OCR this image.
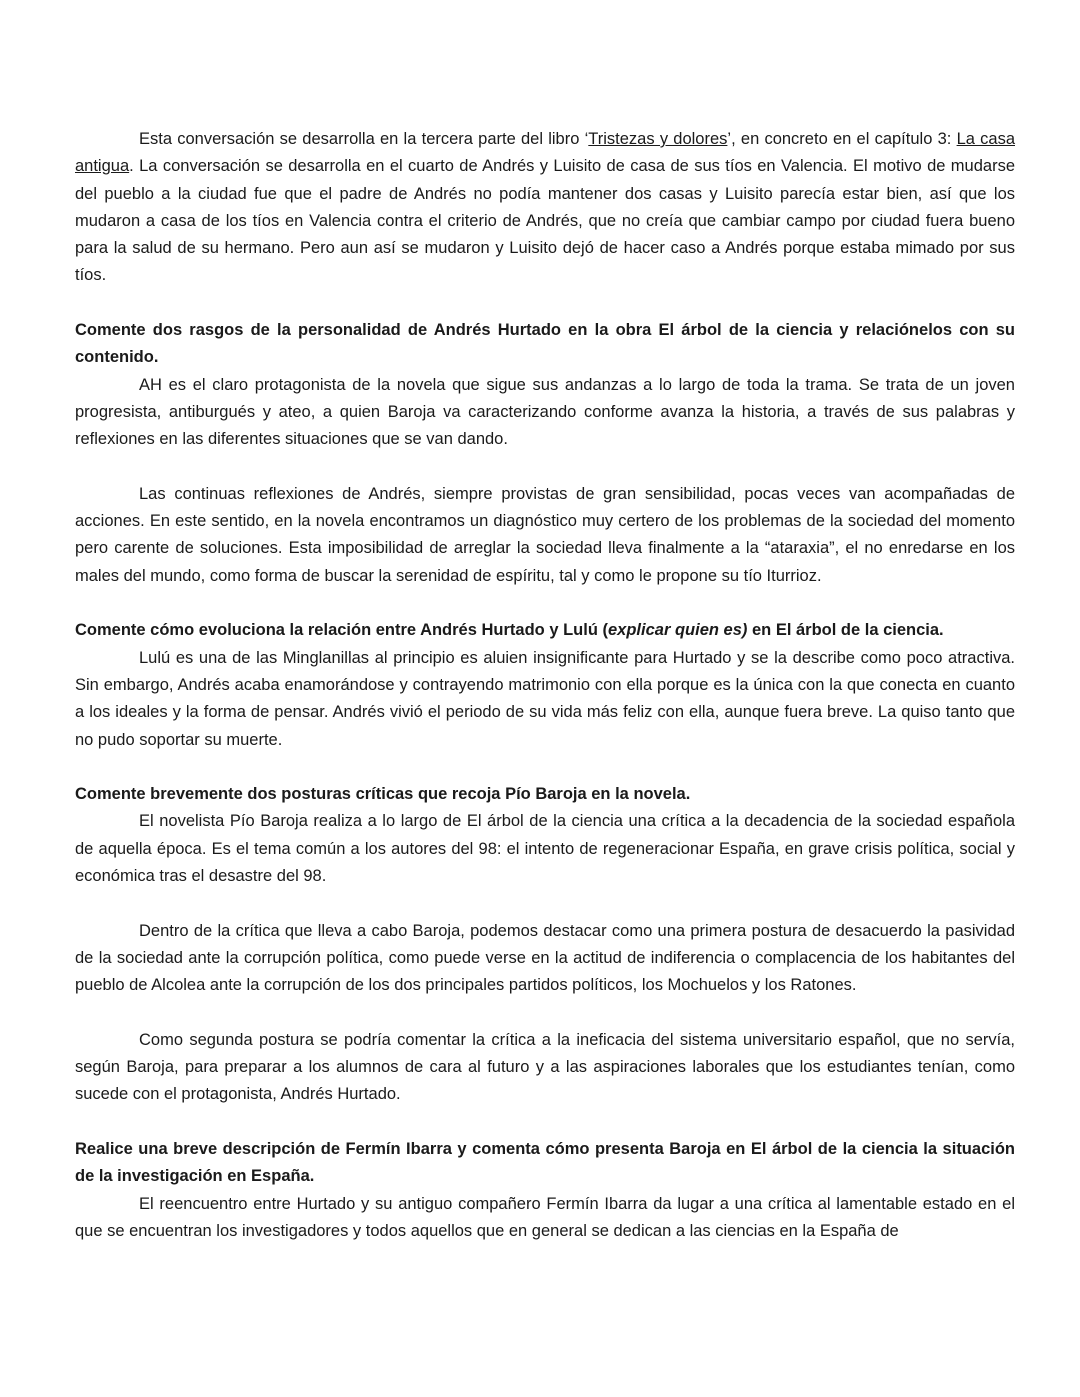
Esta conversación se desarrolla en la tercera parte del libro ‘Tristezas y dolores’, en concreto en el capítulo 3: La casa antigua. La conversación se desarrolla en el cuarto de Andrés y Luisito de casa de sus tíos en Valencia. El motivo de mudarse del pueblo a la ciudad fue que el padre de Andrés no podía mantener dos casas y Luisito parecía estar bien, así que los mudaron a casa de los tíos en Valencia contra el criterio de Andrés, que no creía que cambiar campo por ciudad fuera bueno para la salud de su hermano. Pero aun así se mudaron y Luisito dejó de hacer caso a Andrés porque estaba mimado por sus tíos.

Comente dos rasgos de la personalidad de Andrés Hurtado en la obra El árbol de la ciencia y relaciónelos con su contenido.

AH es el claro protagonista de la novela que sigue sus andanzas a lo largo de toda la trama. Se trata de un joven progresista, antiburgués y ateo, a quien Baroja va caracterizando conforme avanza la historia, a través de sus palabras y reflexiones en las diferentes situaciones que se van dando.

Las continuas reflexiones de Andrés, siempre provistas de gran sensibilidad, pocas veces van acompañadas de acciones. En este sentido, en la novela encontramos un diagnóstico muy certero de los problemas de la sociedad del momento pero carente de soluciones. Esta imposibilidad de arreglar la sociedad lleva finalmente a la “ataraxia”, el no enredarse en los males del mundo, como forma de buscar la serenidad de espíritu, tal y como le propone su tío Iturrioz.

Comente cómo evoluciona la relación entre Andrés Hurtado y Lulú (explicar quien es) en El árbol de la ciencia.

Lulú es una de las Minglanillas al principio es aluien insignificante para Hurtado y se la describe como poco atractiva. Sin embargo, Andrés acaba enamorándose y contrayendo matrimonio con ella porque es la única con la que conecta en cuanto a los ideales y la forma de pensar. Andrés vivió el periodo de su vida más feliz con ella, aunque fuera breve. La quiso tanto que no pudo soportar su muerte.

Comente brevemente dos posturas críticas que recoja Pío Baroja en la novela.

El novelista Pío Baroja realiza a lo largo de El árbol de la ciencia una crítica a la decadencia de la sociedad española de aquella época. Es el tema común a los autores del 98: el intento de regeneracionar España, en grave crisis política, social y económica tras el desastre del 98.

Dentro de la crítica que lleva a cabo Baroja, podemos destacar como una primera postura de desacuerdo la pasividad de la sociedad ante la corrupción política, como puede verse en la actitud de indiferencia o complacencia de los habitantes del pueblo de Alcolea ante la corrupción de los dos principales partidos políticos, los Mochuelos y los Ratones.

Como segunda postura se podría comentar la crítica a la ineficacia del sistema universitario español, que no servía, según Baroja, para preparar a los alumnos de cara al futuro y a las aspiraciones laborales que los estudiantes tenían, como sucede con el protagonista, Andrés Hurtado.

Realice una breve descripción de Fermín Ibarra y comenta cómo presenta Baroja en El árbol de la ciencia la situación de la investigación en España.

El reencuentro entre Hurtado y su antiguo compañero Fermín Ibarra da lugar a una crítica al lamentable estado en el que se encuentran los investigadores y todos aquellos que en general se dedican a las ciencias en la España de
